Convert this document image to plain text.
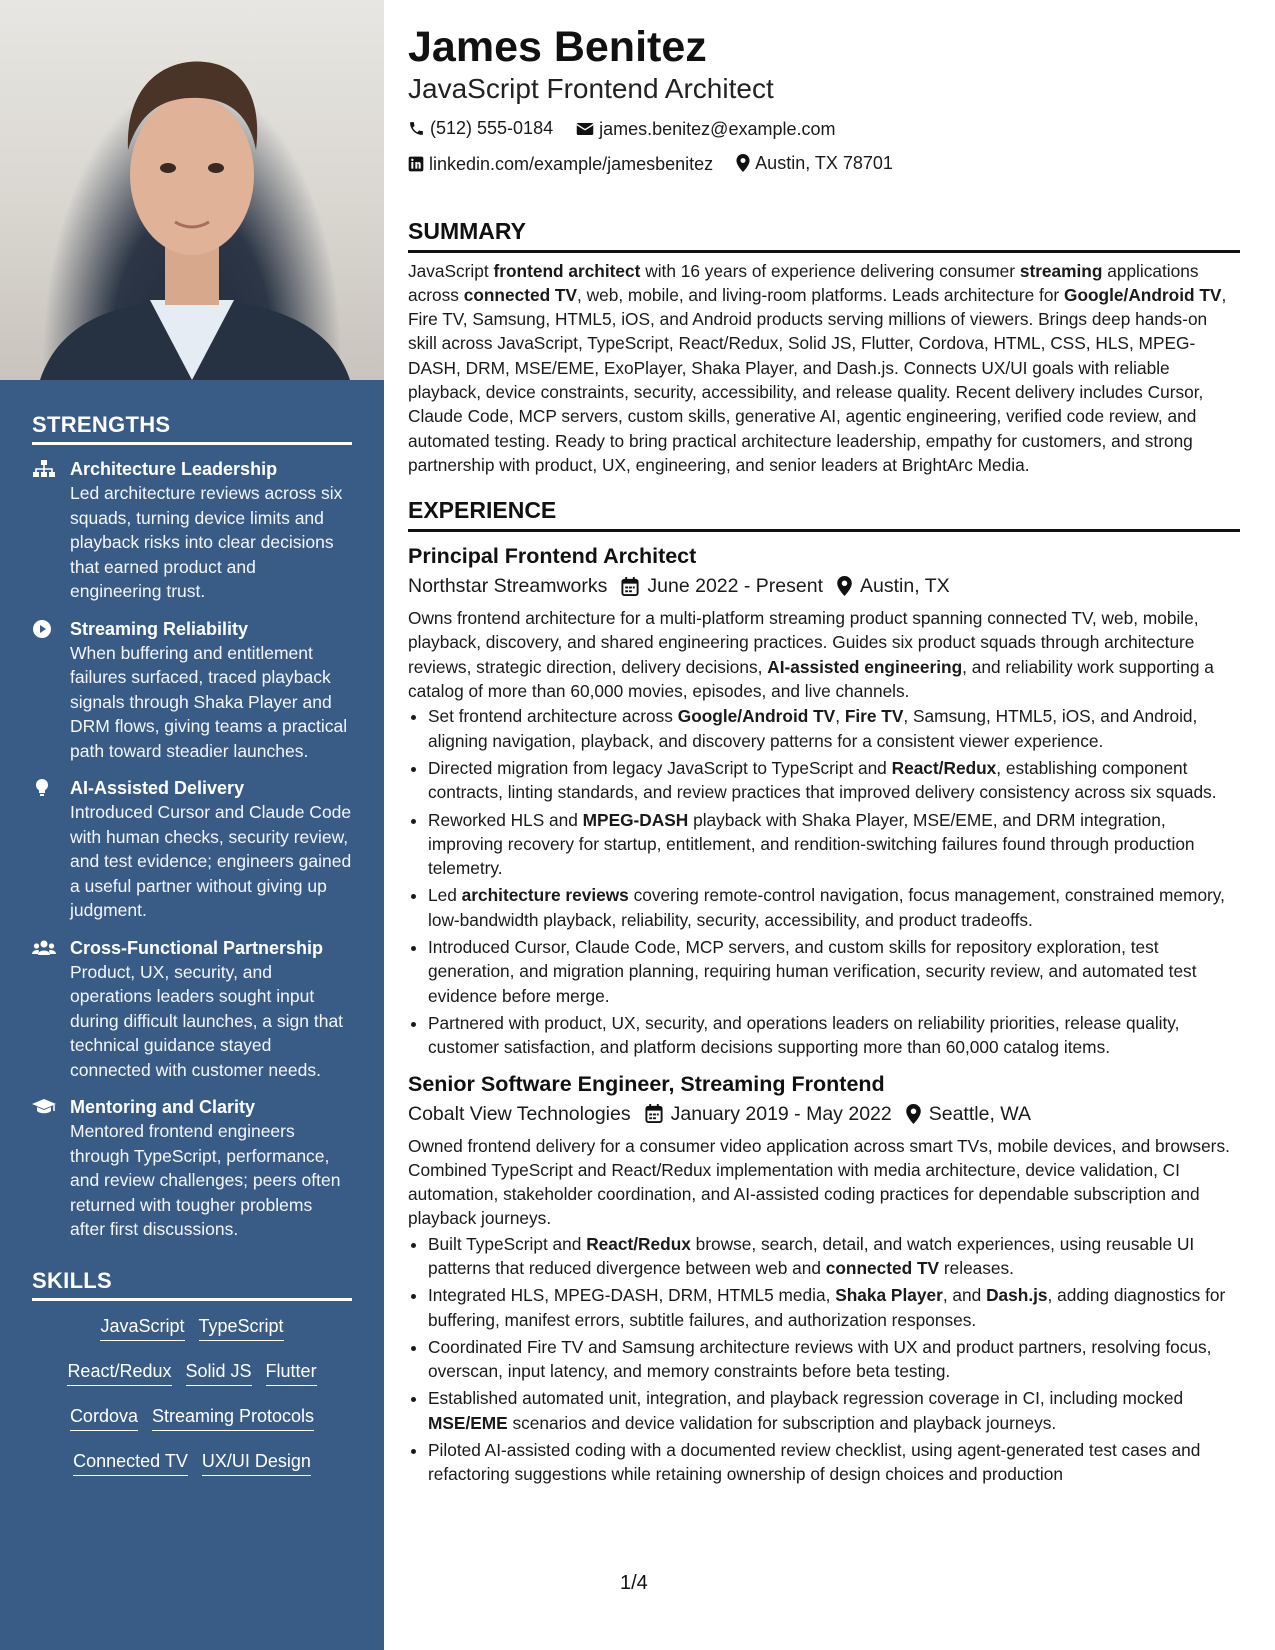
STRENGTHS
Architecture Leadership
Led architecture reviews across six squads, turning device limits and playback risks into clear decisions that earned product and engineering trust.
Streaming Reliability
When buffering and entitlement failures surfaced, traced playback signals through Shaka Player and DRM flows, giving teams a practical path toward steadier launches.
AI-Assisted Delivery
Introduced Cursor and Claude Code with human checks, security review, and test evidence; engineers gained a useful partner without giving up judgment.
Cross-Functional Partnership
Product, UX, security, and operations leaders sought input during difficult launches, a sign that technical guidance stayed connected with customer needs.
Mentoring and Clarity
Mentored frontend engineers through TypeScript, performance, and review challenges; peers often returned with tougher problems after first discussions.
SKILLS
JavaScript TypeScript
React/Redux Solid JS Flutter
Cordova Streaming Protocols
Connected TV UX/UI Design
James Benitez
JavaScript Frontend Architect
(512) 555-0184
	james.benitez@example.com
linkedin.com/example/jamesbenitez
Austin, TX 78701
SUMMARY

JavaScript frontend architect with 16 years of experience delivering consumer streaming applications across connected TV, web, mobile, and living-room platforms. Leads architecture for Google/Android TV, Fire TV, Samsung, HTML5, iOS, and Android products serving millions of viewers. Brings deep hands-on skill across JavaScript, TypeScript, React/Redux, Solid JS, Flutter, Cordova, HTML, CSS, HLS, MPEG-DASH, DRM, MSE/EME, ExoPlayer, Shaka Player, and Dash.js. Connects UX/UI goals with reliable playback, device constraints, security, accessibility, and release quality. Recent delivery includes Cursor, Claude Code, MCP servers, custom skills, generative AI, agentic engineering, verified code review, and automated testing. Ready to bring practical architecture leadership, empathy for customers, and strong partnership with product, UX, engineering, and senior leaders at BrightArc Media.

EXPERIENCE
Principal Frontend Architect
Northstar Streamworks June 2022 - Present Austin, TX

Owns frontend architecture for a multi-platform streaming product spanning connected TV, web, mobile, playback, discovery, and shared engineering practices. Guides six product squads through architecture reviews, strategic direction, delivery decisions, AI-assisted engineering, and reliability work supporting a catalog of more than 60,000 movies, episodes, and live channels.

• Set frontend architecture across Google/Android TV, Fire TV, Samsung, HTML5, iOS, and Android, aligning navigation, playback, and discovery patterns for a consistent viewer experience.
• Directed migration from legacy JavaScript to TypeScript and React/Redux, establishing component contracts, linting standards, and review practices that improved delivery consistency across six squads.
• Reworked HLS and MPEG-DASH playback with Shaka Player, MSE/EME, and DRM integration, improving recovery for startup, entitlement, and rendition-switching failures found through production telemetry.
• Led architecture reviews covering remote-control navigation, focus management, constrained memory, low-bandwidth playback, reliability, security, accessibility, and product tradeoffs.
• Introduced Cursor, Claude Code, MCP servers, and custom skills for repository exploration, test generation, and migration planning, requiring human verification, security review, and automated test evidence before merge.
• Partnered with product, UX, security, and operations leaders on reliability priorities, release quality, customer satisfaction, and platform decisions supporting more than 60,000 catalog items.
Senior Software Engineer, Streaming Frontend
Cobalt View Technologies January 2019 - May 2022 Seattle, WA

Owned frontend delivery for a consumer video application across smart TVs, mobile devices, and browsers. Combined TypeScript and React/Redux implementation with media architecture, device validation, CI automation, stakeholder coordination, and AI-assisted coding practices for dependable subscription and playback journeys.

• Built TypeScript and React/Redux browse, search, detail, and watch experiences, using reusable UI patterns that reduced divergence between web and connected TV releases.
• Integrated HLS, MPEG-DASH, DRM, HTML5 media, Shaka Player, and Dash.js, adding diagnostics for buffering, manifest errors, subtitle failures, and authorization responses.
• Coordinated Fire TV and Samsung architecture reviews with UX and product partners, resolving focus, overscan, input latency, and memory constraints before beta testing.
• Established automated unit, integration, and playback regression coverage in CI, including mocked MSE/EME scenarios and device validation for subscription and playback journeys.
• Piloted AI-assisted coding with a documented review checklist, using agent-generated test cases and refactoring suggestions while retaining ownership of design choices and production
1/4
